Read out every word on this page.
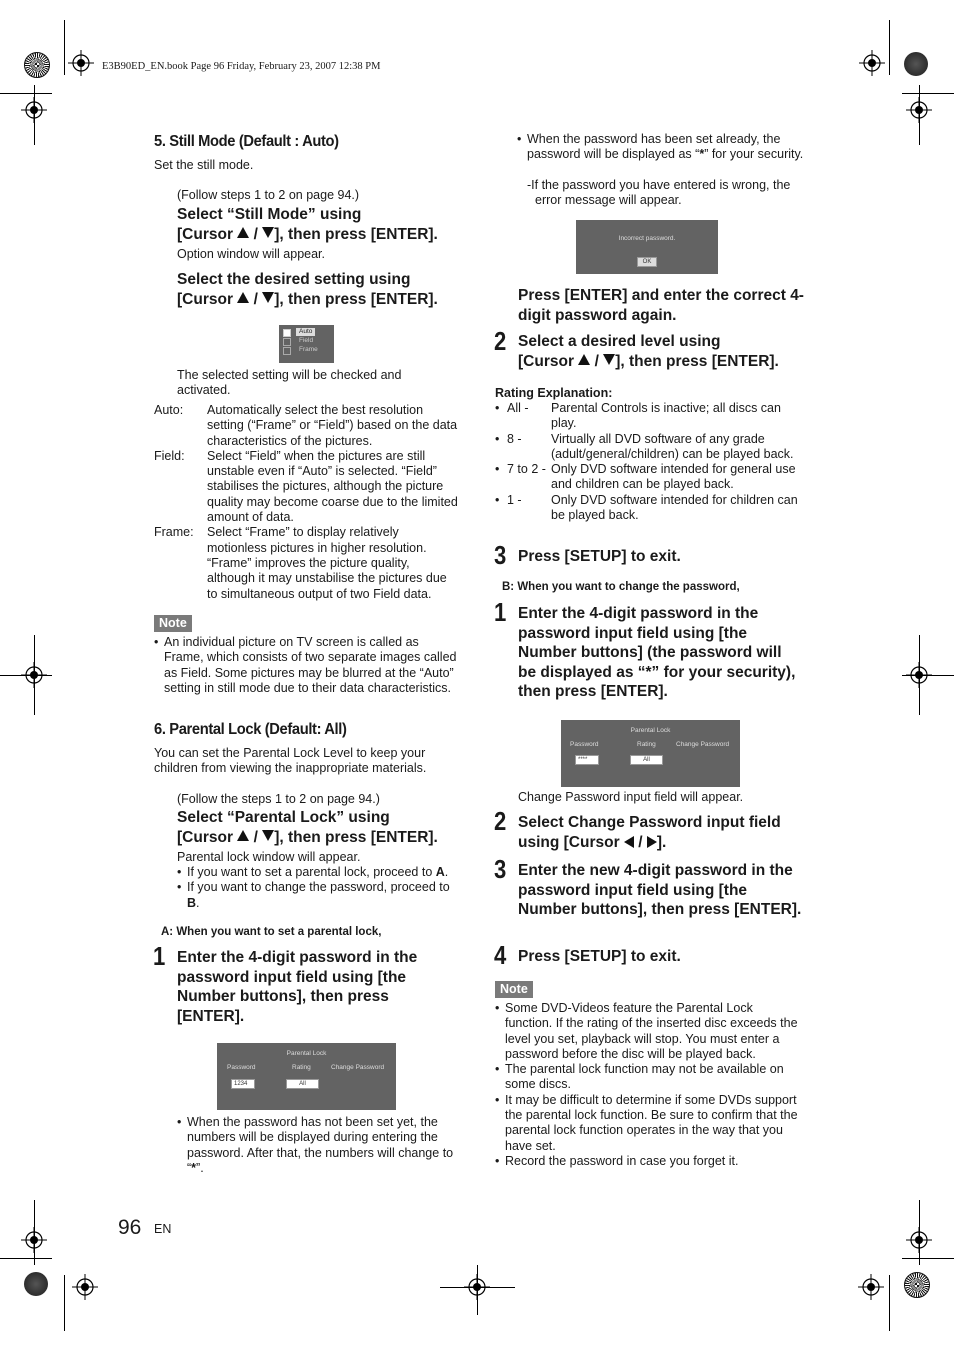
E3B90ED_EN.book Page 96 Friday, February 23, 2007 12:38 PM
5. Still Mode (Default : Auto)
Set the still mode.
(Follow steps 1 to 2 on page 94.)
Select “Still Mode” using
[Cursor / ], then press [ENTER].
Option window will appear.
Select the desired setting using
[Cursor / ], then press [ENTER].
Auto
Field
Frame
The selected setting will be checked and activated.
Auto:	Automatically select the best resolution setting (“Frame” or “Field”) based on the data characteristics of the pictures.
Field:	Select “Field” when the pictures are still unstable even if “Auto” is selected. “Field” stabilises the pictures, although the picture quality may become coarse due to the limited amount of data.
Frame:	Select “Frame” to display relatively motionless pictures in higher resolution. “Frame” improves the picture quality, although it may unstabilise the pictures due to simultaneous output of two Field data.
Note
• An individual picture on TV screen is called as Frame, which consists of two separate images called as Field. Some pictures may be blurred at the “Auto” setting in still mode due to their data characteristics.
6. Parental Lock (Default: All)
You can set the Parental Lock Level to keep your children from viewing the inappropriate materials.
(Follow the steps 1 to 2 on page 94.)
Select “Parental Lock” using
[Cursor / ], then press [ENTER].
Parental lock window will appear.
• If you want to set a parental lock, proceed to A.
• If you want to change the password, proceed to B.
A: When you want to set a parental lock,
1 Enter the 4-digit password in the password input field using [the Number buttons], then press [ENTER].
Parental Lock
Password	Rating	Change Password
1234	All
• When the password has not been set yet, the numbers will be displayed during entering the password. After that, the numbers will change to “*”.
• When the password has been set already, the password will be displayed as “*” for your security.
-If the password you have entered is wrong, the error message will appear.
Incorrect password.
OK
Press [ENTER] and enter the correct 4-digit password again.
2 Select a desired level using
[Cursor / ], then press [ENTER].
Rating Explanation:
• All -	Parental Controls is inactive; all discs can play.
• 8 -	Virtually all DVD software of any grade (adult/general/children) can be played back.
• 7 to 2 - Only DVD software intended for general use and children can be played back.
• 1 -	Only DVD software intended for children can be played back.
3 Press [SETUP] to exit.
B: When you want to change the password,
1 Enter the 4-digit password in the password input field using [the Number buttons] (the password will be displayed as “*” for your security), then press [ENTER].
Parental Lock
Password	Rating	Change Password
****	All
Change Password input field will appear.
2 Select Change Password input field
using [Cursor / ].
3 Enter the new 4-digit password in the password input field using [the Number buttons], then press [ENTER].
4 Press [SETUP] to exit.
Note
• Some DVD-Videos feature the Parental Lock function. If the rating of the inserted disc exceeds the level you set, playback will stop. You must enter a password before the disc will be played back.
• The parental lock function may not be available on some discs.
• It may be difficult to determine if some DVDs support the parental lock function. Be sure to confirm that the parental lock function operates in the way that you have set.
• Record the password in case you forget it.
96 EN
